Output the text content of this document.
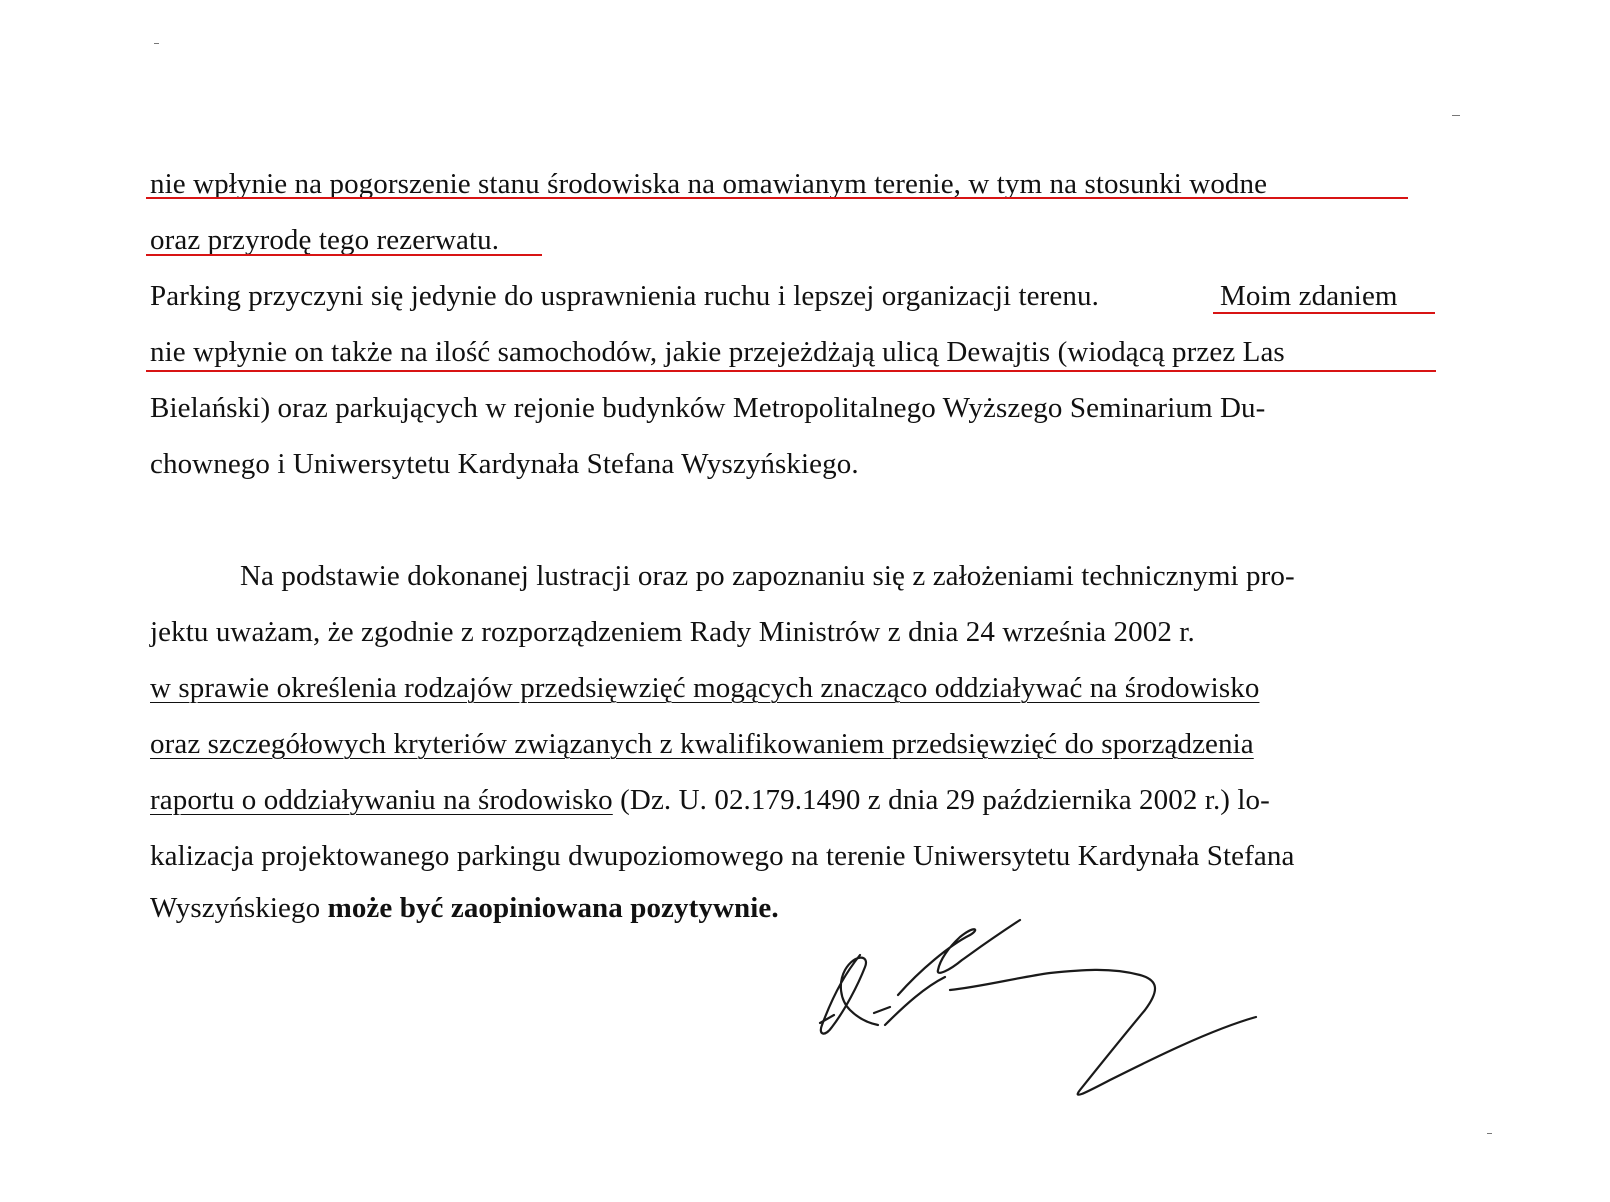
nie wpłynie na pogorszenie stanu środowiska na omawianym terenie, w tym na stosunki wodne
oraz przyrodę tego rezerwatu.
Parking przyczyni się jedynie do usprawnienia ruchu i lepszej organizacji terenu.	Moim zdaniem
nie wpłynie on także na ilość samochodów, jakie przejeżdżają ulicą Dewajtis (wiodącą przez Las
Bielański) oraz parkujących w rejonie budynków Metropolitalnego Wyższego Seminarium Du-
chownego i Uniwersytetu Kardynała Stefana Wyszyńskiego.
Na podstawie dokonanej lustracji oraz po zapoznaniu się z założeniami technicznymi pro-
jektu uważam, że zgodnie z rozporządzeniem Rady Ministrów z dnia 24 września 2002 r.
w sprawie określenia rodzajów przedsięwzięć mogących znacząco oddziaływać na środowisko
oraz szczegółowych kryteriów związanych z kwalifikowaniem przedsięwzięć do sporządzenia
raportu o oddziaływaniu na środowisko (Dz. U. 02.179.1490 z dnia 29 października 2002 r.) lo-
kalizacja projektowanego parkingu dwupoziomowego na terenie Uniwersytetu Kardynała Stefana
Wyszyńskiego może być zaopiniowana pozytywnie.
